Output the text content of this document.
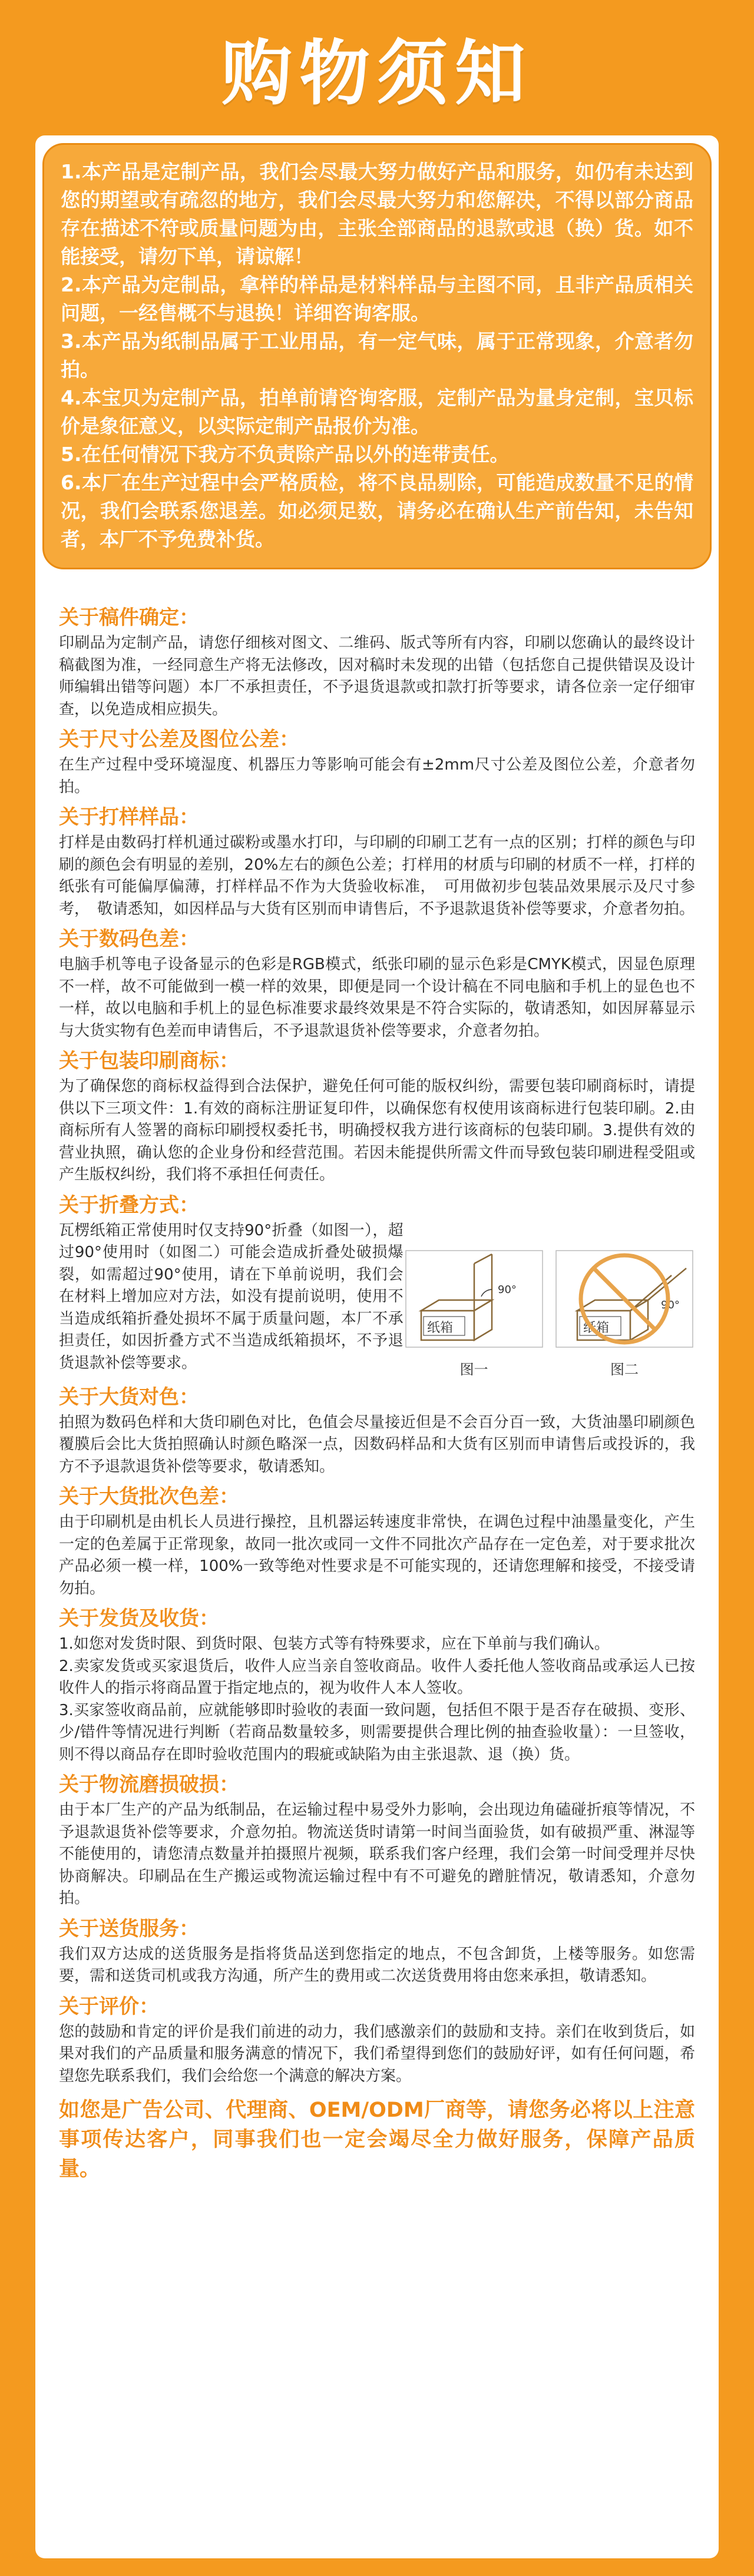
购物须知

1.本产品是定制产品，我们会尽最大努力做好产品和服务，如仍有未达到您的期望或有疏忽的地方，我们会尽最大努力和您解决，不得以部分商品存在描述不符或质量问题为由，主张全部商品的退款或退（换）货。如不能接受，请勿下单，请谅解！

2.本产品为定制品，拿样的样品是材料样品与主图不同，且非产品质相关问题，一经售概不与退换！详细咨询客服。

3.本产品为纸制品属于工业用品，有一定气味，属于正常现象，介意者勿拍。

4.本宝贝为定制产品，拍单前请咨询客服，定制产品为量身定制，宝贝标价是象征意义，以实际定制产品报价为准。

5.在任何情况下我方不负责除产品以外的连带责任。

6.本厂在生产过程中会严格质检，将不良品剔除，可能造成数量不足的情况，我们会联系您退差。如必须足数，请务必在确认生产前告知，未告知者，本厂不予免费补货。

关于稿件确定：

印刷品为定制产品，请您仔细核对图文、二维码、版式等所有内容，印刷以您确认的最终设计稿截图为准，一经同意生产将无法修改，因对稿时未发现的出错（包括您自己提供错误及设计师编辑出错等问题）本厂不承担责任，不予退货退款或扣款打折等要求，请各位亲一定仔细审查，以免造成相应损失。

关于尺寸公差及图位公差：

在生产过程中受环境湿度、机器压力等影响可能会有±2mm尺寸公差及图位公差，介意者勿拍。

关于打样样品：

打样是由数码打样机通过碳粉或墨水打印，与印刷的印刷工艺有一点的区别；打样的颜色与印刷的颜色会有明显的差别，20%左右的颜色公差；打样用的材质与印刷的材质不一样，打样的纸张有可能偏厚偏薄，打样样品不作为大货验收标准，　可用做初步包装品效果展示及尺寸参考，　敬请悉知，如因样品与大货有区别而申请售后，不予退款退货补偿等要求，介意者勿拍。

关于数码色差：

电脑手机等电子设备显示的色彩是RGB模式，纸张印刷的显示色彩是CMYK模式，因显色原理不一样，故不可能做到一模一样的效果，即便是同一个设计稿在不同电脑和手机上的显色也不一样，故以电脑和手机上的显色标准要求最终效果是不符合实际的，敬请悉知，如因屏幕显示与大货实物有色差而申请售后，不予退款退货补偿等要求，介意者勿拍。

关于包装印刷商标：

为了确保您的商标权益得到合法保护，避免任何可能的版权纠纷，需要包装印刷商标时，请提供以下三项文件：1.有效的商标注册证复印件，以确保您有权使用该商标进行包装印刷。2.由商标所有人签署的商标印刷授权委托书，明确授权我方进行该商标的包装印刷。3.提供有效的营业执照，确认您的企业身份和经营范围。若因未能提供所需文件而导致包装印刷进程受阻或产生版权纠纷，我们将不承担任何责任。

关于折叠方式：
瓦楞纸箱正常使用时仅支持90°折叠（如图一），超过90°使用时（如图二）可能会造成折叠处破损爆裂，如需超过90°使用，请在下单前说明，我们会在材料上增加应对方法，如没有提前说明，使用不当造成纸箱折叠处损坏不属于质量问题，本厂不承担责任，如因折叠方式不当造成纸箱损坏，不予退货退款补偿等要求。
90°
纸箱
图一
90°
纸箱
图二
关于大货对色：

拍照为数码色样和大货印刷色对比，色值会尽量接近但是不会百分百一致，大货油墨印刷颜色覆膜后会比大货拍照确认时颜色略深一点，因数码样品和大货有区别而申请售后或投诉的，我方不予退款退货补偿等要求，敬请悉知。

关于大货批次色差：

由于印刷机是由机长人员进行操控，且机器运转速度非常快，在调色过程中油墨量变化，产生一定的色差属于正常现象，故同一批次或同一文件不同批次产品存在一定色差，对于要求批次产品必须一模一样，100%一致等绝对性要求是不可能实现的，还请您理解和接受，不接受请勿拍。

关于发货及收货：

1.如您对发货时限、到货时限、包装方式等有特殊要求，应在下单前与我们确认。

2.卖家发货或买家退货后，收件人应当亲自签收商品。收件人委托他人签收商品或承运人已按收件人的指示将商品置于指定地点的，视为收件人本人签收。

3.买家签收商品前，应就能够即时验收的表面一致问题，包括但不限于是否存在破损、变形、少/错件等情况进行判断（若商品数量较多，则需要提供合理比例的抽查验收量）：一旦签收，则不得以商品存在即时验收范围内的瑕疵或缺陷为由主张退款、退（换）货。

关于物流磨损破损：

由于本厂生产的产品为纸制品，在运输过程中易受外力影响，会出现边角磕碰折痕等情况，不予退款退货补偿等要求，介意勿拍。物流送货时请第一时间当面验货，如有破损严重、淋湿等不能使用的，请您清点数量并拍摄照片视频，联系我们客户经理，我们会第一时间受理并尽快协商解决。印刷品在生产搬运或物流运输过程中有不可避免的蹭脏情况，敬请悉知，介意勿拍。

关于送货服务：

我们双方达成的送货服务是指将货品送到您指定的地点，不包含卸货，上楼等服务。如您需要，需和送货司机或我方沟通，所产生的费用或二次送货费用将由您来承担，敬请悉知。

关于评价：

您的鼓励和肯定的评价是我们前进的动力，我们感激亲们的鼓励和支持。亲们在收到货后，如果对我们的产品质量和服务满意的情况下，我们希望得到您们的鼓励好评，如有任何问题，希望您先联系我们，我们会给您一个满意的解决方案。

如您是广告公司、代理商、OEM/ODM厂商等，请您务必将以上注意事项传达客户，同事我们也一定会竭尽全力做好服务，保障产品质量。
